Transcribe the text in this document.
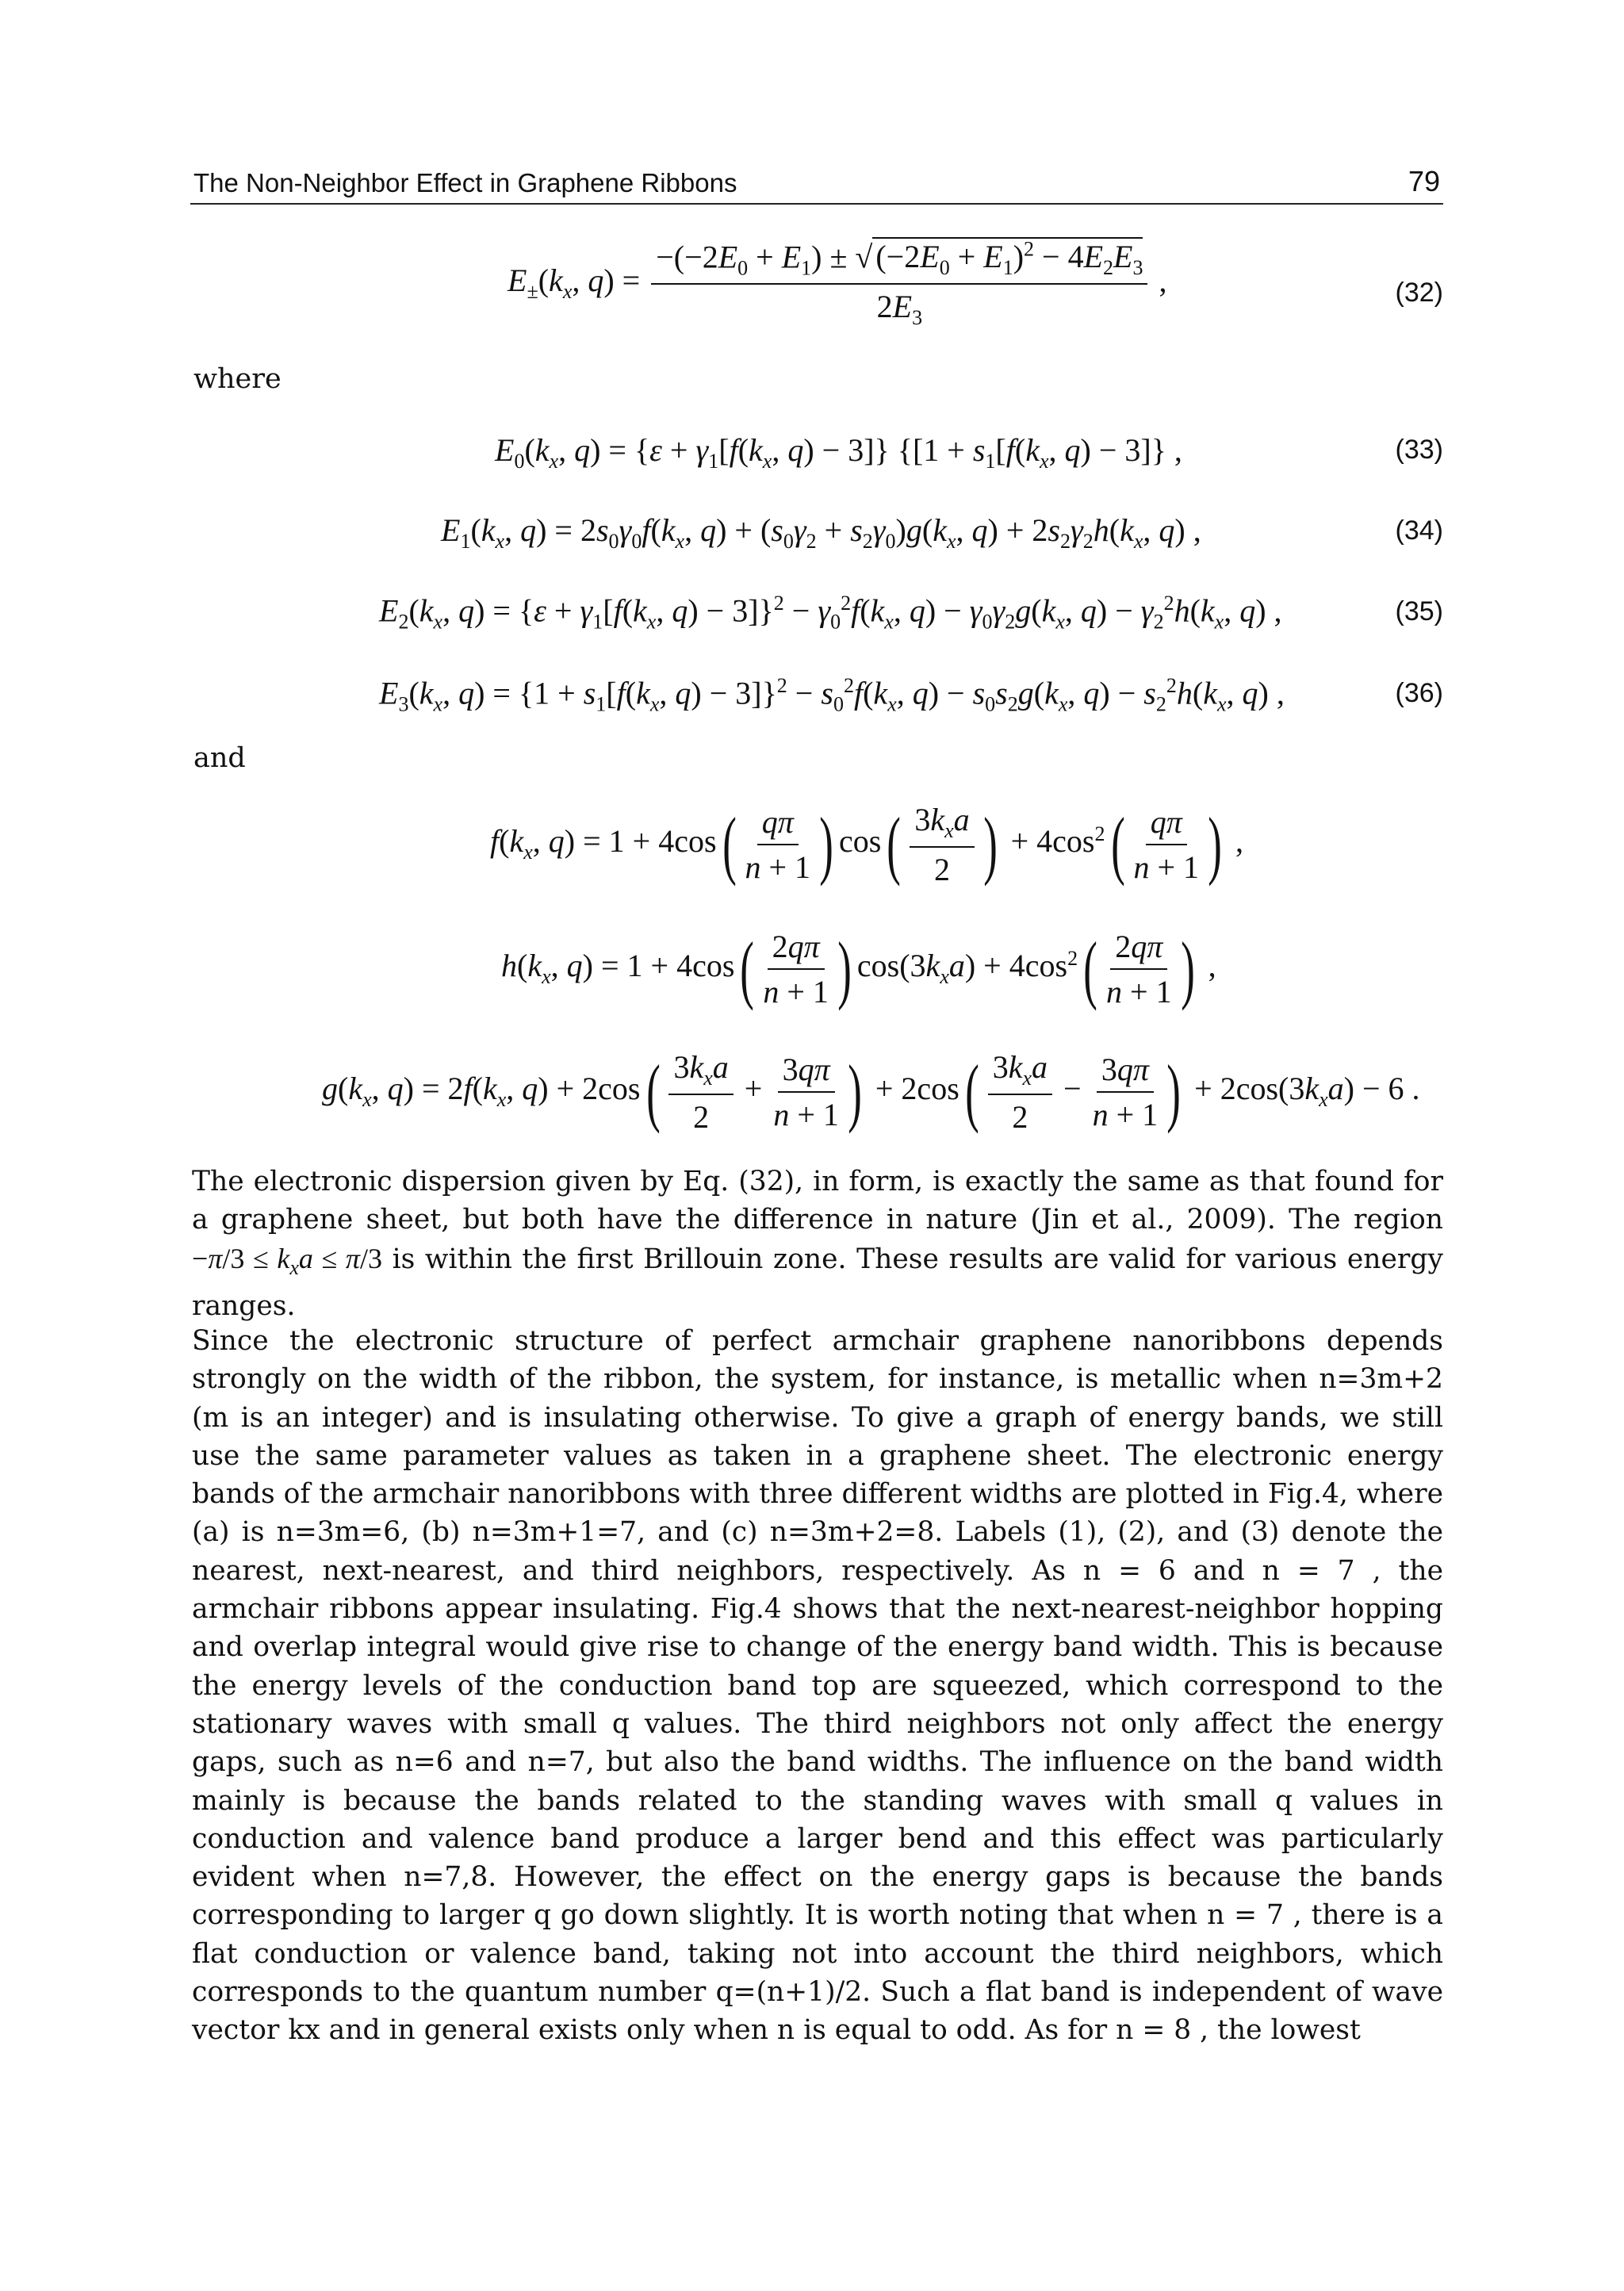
The Non-Neighbor Effect in Graphene Ribbons	79
$E_\pm(k_x$, $q) = \frac{-(-2E_0 + E_1) \pm √ (-2E_0 + E_1)^2 - 4E_2E_3}{2E_3}$ ,	(32)
where
$E_0(k_x$, $q) = \{\varepsilon + \gamma_1[f(k_x$, q) − 3]} {[$1 + s_1[f(k_x$, q) − 3]} ,	(33)
$E_1(k_x$, $q) = 2s_0\gamma_0f(k_x$, $q) + (s_0\gamma_2 + s_2\gamma_0)g(k_x$, $q) + 2s_2\gamma_2h(k_x$, q) ,	(34)
$E_2(k_x$, $q) = \{\varepsilon + \gamma_1[f(k_x$, $q) - 3]\}^2 - \gamma_0^2f(k_x$, $q) - \gamma_0\gamma_2g(k_x$, $q) - \gamma_2^2h(k_x$, q) ,	(35)
$E_3(k_x$, $q) = \{1 + s_1[f(k_x$, $q) - 3]\}^2 - s_0^2f(k_x$, $q) - s_0s_2g(k_x$, $q) - s_2^2h(k_x$, q) ,	(36)
and
$f(k_x$, $q) = 1 + 4\cos( \frac{q\pi}{n + 1}$ ) $\cos( \frac{3k_xa}{2}$ ) + $4\cos^2( \frac{q\pi}{n + 1}$ ) ,
$h(k_x$, $q) = 1 + 4\cos( \frac{2q\pi}{n + 1}$ ) $\cos(3k_xa) + 4\cos^2( \frac{2q\pi}{n + 1}$ ) ,
$g(k_x$, $q) = 2f(k_x$, $q) + 2\cos( \frac{3k_xa}{2} + \frac{3q\pi}{n + 1}$ ) + $2\cos( \frac{3k_xa}{2} - \frac{3q\pi}{n + 1}$ ) + $2\cos(3k_xa) - 6$ .
The electronic dispersion given by Eq. (32), in form, is exactly the same as that found for a graphene sheet, but both have the difference in nature (Jin et al., 2009). The region $-\pi/3 \le k_xa \le \pi/3$ is within the first Brillouin zone. These results are valid for various energy ranges.
Since the electronic structure of perfect armchair graphene nanoribbons depends strongly on the width of the ribbon, the system, for instance, is metallic when n=3m+2 (m is an integer) and is insulating otherwise. To give a graph of energy bands, we still use the same parameter values as taken in a graphene sheet. The electronic energy bands of the armchair nanoribbons with three different widths are plotted in Fig.4, where (a) is n=3m=6, (b) n=3m+1=7, and (c) n=3m+2=8. Labels (1), (2), and (3) denote the nearest, next-nearest, and third neighbors, respectively. As n = 6 and n = 7 , the armchair ribbons appear insulating. Fig.4 shows that the next-nearest-neighbor hopping and overlap integral would give rise to change of the energy band width. This is because the energy levels of the conduction band top are squeezed, which correspond to the stationary waves with small q values. The third neighbors not only affect the energy gaps, such as n=6 and n=7, but also the band widths. The influence on the band width mainly is because the bands related to the standing waves with small q values in conduction and valence band produce a larger bend and this effect was particularly evident when n=7,8. However, the effect on the energy gaps is because the bands corresponding to larger q go down slightly. It is worth noting that when n = 7 , there is a flat conduction or valence band, taking not into account the third neighbors, which corresponds to the quantum number q=(n+1)/2. Such a flat band is independent of wave vector kx and in general exists only when n is equal to odd. As for n = 8 , the lowest
